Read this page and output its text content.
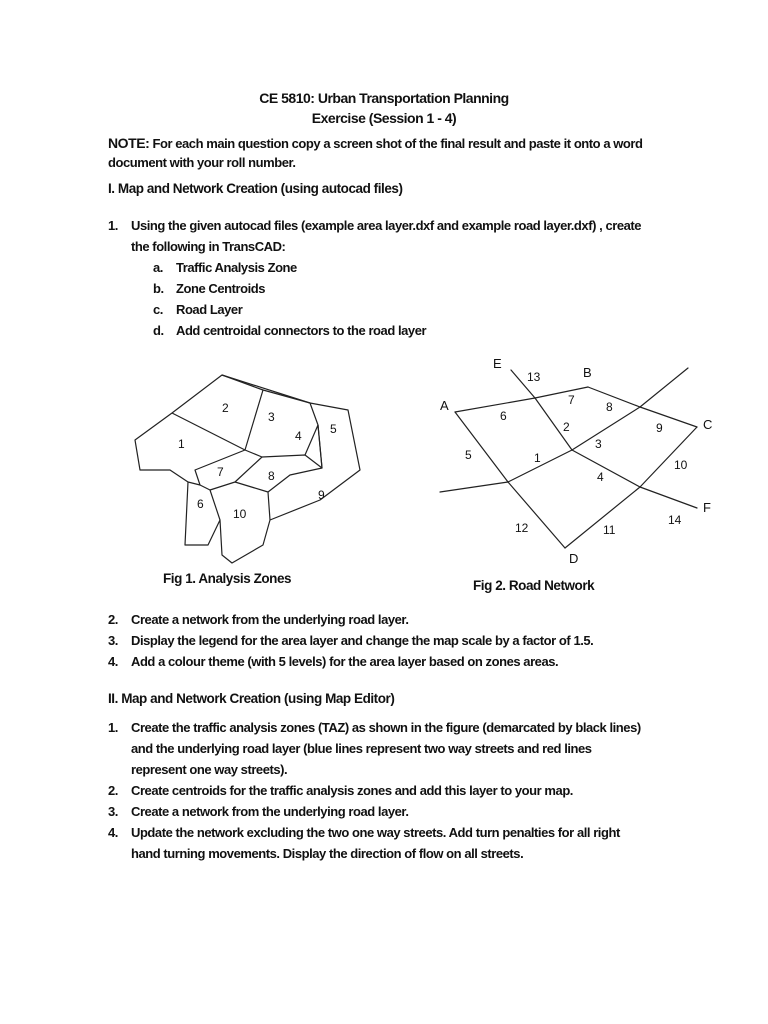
CE 5810: Urban Transportation Planning
Exercise (Session 1 - 4)
NOTE: For each main question copy a screen shot of the final result and paste it onto a word
document with your roll number.
I. Map and Network Creation (using autocad files)
1. Using the given autocad files (example area layer.dxf and example road layer.dxf) , create
the following in TransCAD:
a. Traffic Analysis Zone
b. Zone Centroids
c. Road Layer
d. Add centroidal connectors to the road layer
1
2
3
4 5
6
7	8
9
10
A
B
C
D
E
F
1
2
3
4
5
6
7	8
9
10
11
12
13
14
Fig 1. Analysis Zones	Fig 2. Road Network
2. Create a network from the underlying road layer.
3. Display the legend for the area layer and change the map scale by a factor of 1.5.
4. Add a colour theme (with 5 levels) for the area layer based on zones areas.
II. Map and Network Creation (using Map Editor)
1. Create the traffic analysis zones (TAZ) as shown in the figure (demarcated by black lines)
and the underlying road layer (blue lines represent two way streets and red lines
represent one way streets).
2. Create centroids for the traffic analysis zones and add this layer to your map.
3. Create a network from the underlying road layer.
4. Update the network excluding the two one way streets. Add turn penalties for all right
hand turning movements. Display the direction of flow on all streets.
